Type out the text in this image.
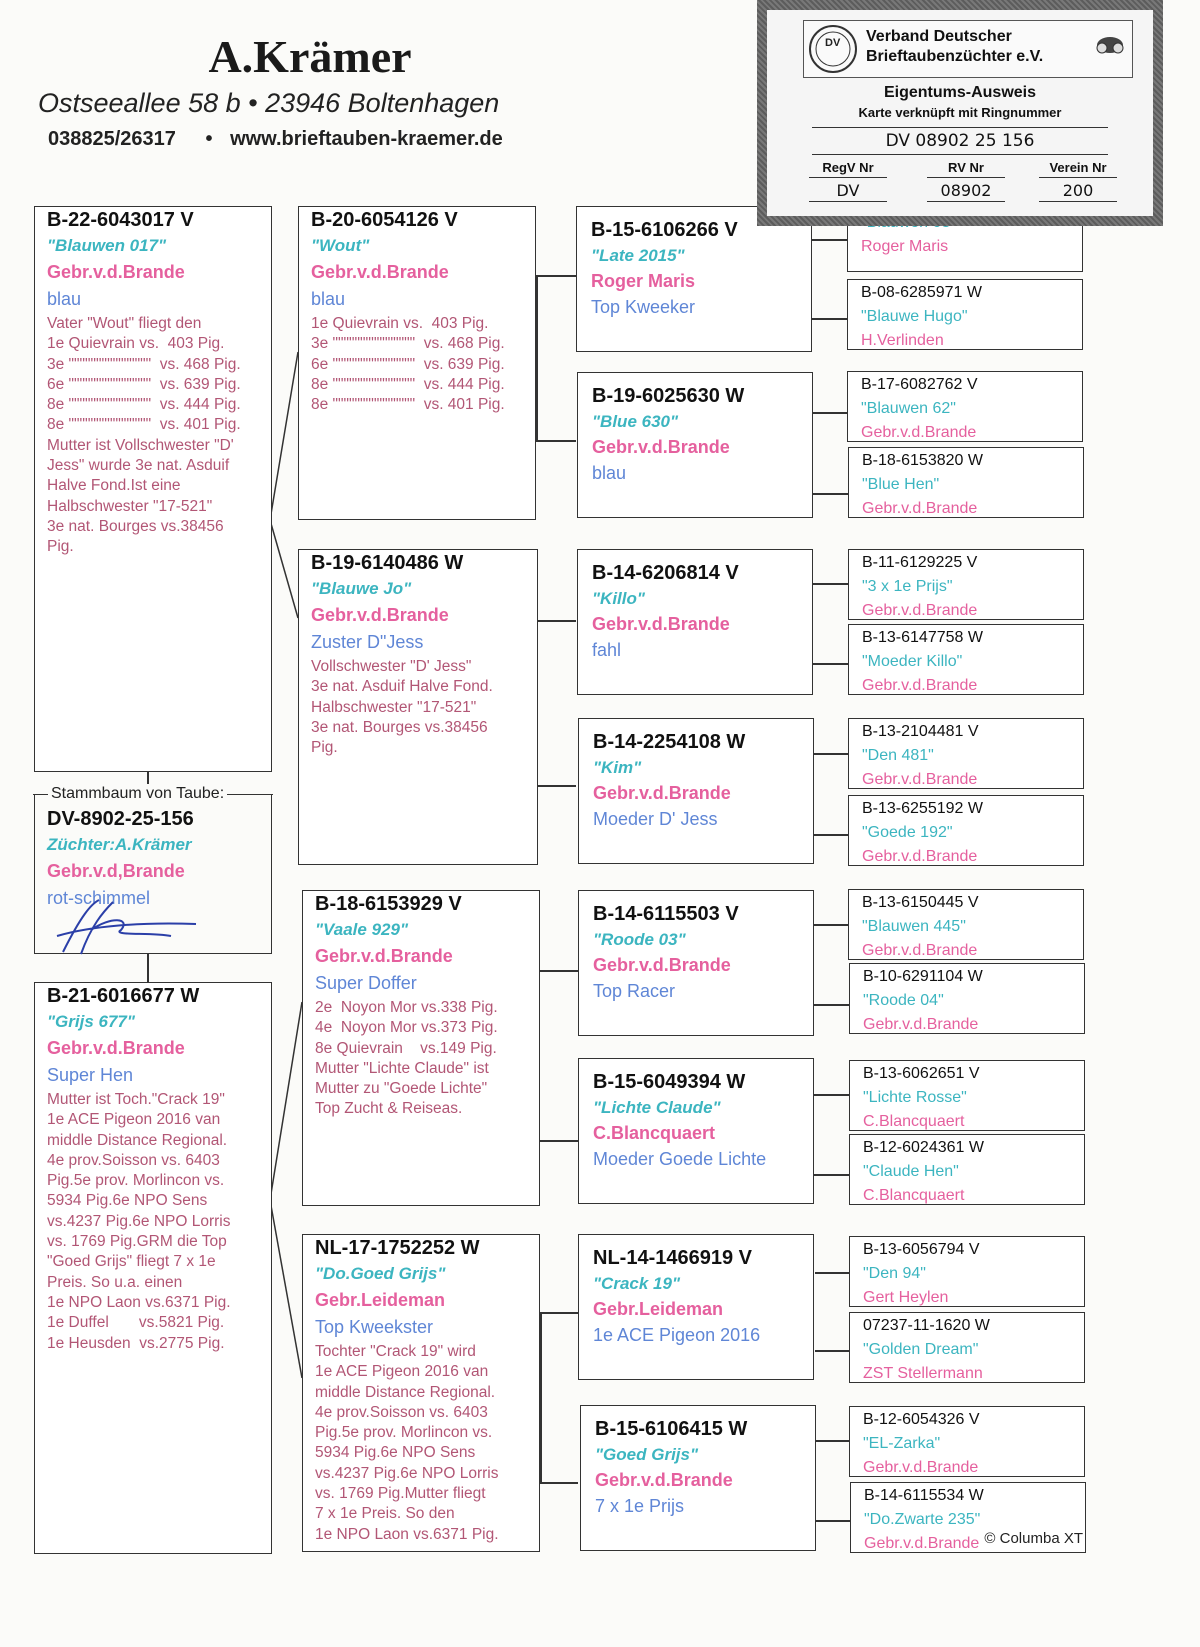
A.Krämer
Ostseeallee 58 b • 23946 Boltenhagen
038825/26317 • www.brieftauben-kraemer.de
B-22-6043017 V
"Blauwen 017"
Gebr.v.d.Brande
blau
Vater "Wout" fliegt den
1e Quievrain vs.  403 Pig.
3e """""""""""""""  vs. 468 Pig.
6e """""""""""""""  vs. 639 Pig.
8e """""""""""""""  vs. 444 Pig.
8e """""""""""""""  vs. 401 Pig.
Mutter ist Vollschwester "D'
Jess" wurde 3e nat. Asduif
Halve Fond.Ist eine
Halbschwester "17-521"
3e nat. Bourges vs.38456
Pig.
DV-8902-25-156
Züchter:A.Krämer
Gebr.v.d,Brande
rot-schimmel
Stammbaum von Taube:
B-21-6016677 W
"Grijs 677"
Gebr.v.d.Brande
Super Hen
Mutter ist Toch."Crack 19"
1e ACE Pigeon 2016 van
middle Distance Regional.
4e prov.Soisson vs. 6403
Pig.5e prov. Morlincon vs.
5934 Pig.6e NPO Sens
vs.4237 Pig.6e NPO Lorris
vs. 1769 Pig.GRM die Top
"Goed Grijs" fliegt 7 x 1e
Preis. So u.a. einen
1e NPO Laon vs.6371 Pig.
1e Duffel       vs.5821 Pig.
1e Heusden  vs.2775 Pig.
B-20-6054126 V
"Wout"
Gebr.v.d.Brande
blau
1e Quievrain vs.  403 Pig.
3e """""""""""""""  vs. 468 Pig.
6e """""""""""""""  vs. 639 Pig.
8e """""""""""""""  vs. 444 Pig.
8e """""""""""""""  vs. 401 Pig.
B-19-6140486 W
"Blauwe Jo"
Gebr.v.d.Brande
Zuster D"Jess
Vollschwester "D' Jess"
3e nat. Asduif Halve Fond.
Halbschwester "17-521"
3e nat. Bourges vs.38456
Pig.
B-18-6153929 V
"Vaale 929"
Gebr.v.d.Brande
Super Doffer
2e  Noyon Mor vs.338 Pig.
4e  Noyon Mor vs.373 Pig.
8e Quievrain    vs.149 Pig.
Mutter "Lichte Claude" ist
Mutter zu "Goede Lichte"
Top Zucht & Reiseas.
NL-17-1752252 W
"Do.Goed Grijs"
Gebr.Leideman
Top Kweekster
Tochter "Crack 19" wird
1e ACE Pigeon 2016 van
middle Distance Regional.
4e prov.Soisson vs. 6403
Pig.5e prov. Morlincon vs.
5934 Pig.6e NPO Sens
vs.4237 Pig.6e NPO Lorris
vs. 1769 Pig.Mutter fliegt
7 x 1e Preis. So den
1e NPO Laon vs.6371 Pig.
B-15-6106266 V
"Late 2015"
Roger Maris
Top Kweeker
B-19-6025630 W
"Blue 630"
Gebr.v.d.Brande
blau
B-14-6206814 V
"Killo"
Gebr.v.d.Brande
fahl
B-14-2254108 W
"Kim"
Gebr.v.d.Brande
Moeder D' Jess
B-14-6115503 V
"Roode 03"
Gebr.v.d.Brande
Top Racer
B-15-6049394 W
"Lichte Claude"
C.Blancquaert
Moeder Goede Lichte
NL-14-1466919 V
"Crack 19"
Gebr.Leideman
1e ACE Pigeon 2016
B-15-6106415 W
"Goed Grijs"
Gebr.v.d.Brande
7 x 1e Prijs
Roger Maris
B-08-6285971 W
"Blauwe Hugo"
H.Verlinden
B-17-6082762 V
"Blauwen 62"
Gebr.v.d.Brande
B-18-6153820 W
"Blue Hen"
Gebr.v.d.Brande
B-11-6129225 V
"3 x 1e Prijs"
Gebr.v.d.Brande
B-13-6147758 W
"Moeder Killo"
Gebr.v.d.Brande
B-13-2104481 V
"Den 481"
Gebr.v.d.Brande
B-13-6255192 W
"Goede 192"
Gebr.v.d.Brande
B-13-6150445 V
"Blauwen 445"
Gebr.v.d.Brande
B-10-6291104 W
"Roode 04"
Gebr.v.d.Brande
B-13-6062651 V
"Lichte Rosse"
C.Blancquaert
B-12-6024361 W
"Claude Hen"
C.Blancquaert
B-13-6056794 V
"Den 94"
Gert Heylen
07237-11-1620 W
"Golden Dream"
ZST Stellermann
B-12-6054326 V
"EL-Zarka"
Gebr.v.d.Brande
B-14-6115534 W
"Do.Zwarte 235"
Gebr.v.d.Brande
DV Verband Deutscher
Brieftaubenzüchter e.V.
Eigentums-Ausweis
Karte verknüpft mit Ringnummer
DV 08902 25 156
RegV Nr
DV
RV Nr
08902
Verein Nr
200
© Columba XT
